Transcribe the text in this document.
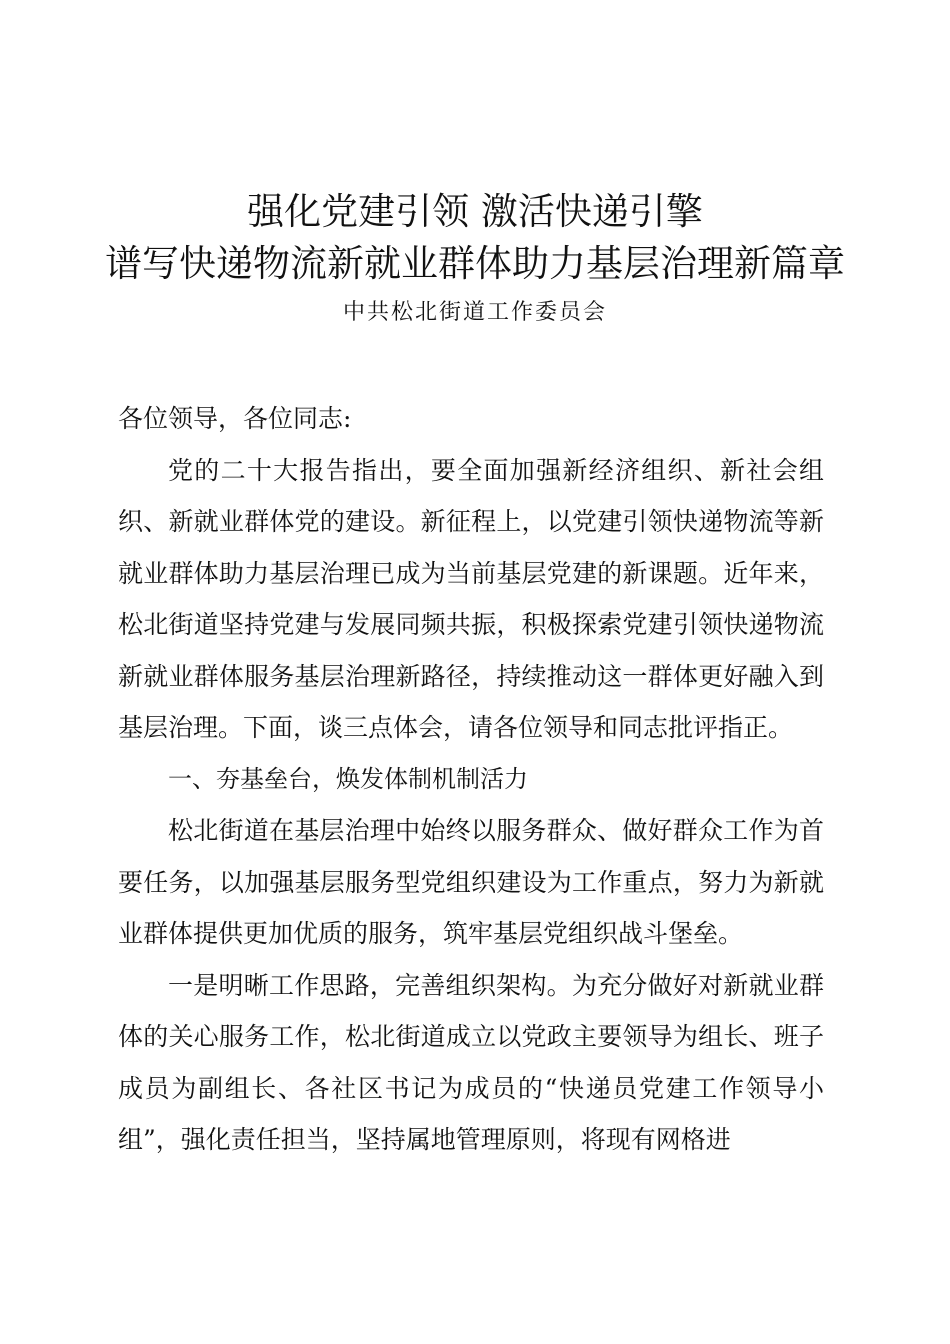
强化党建引领 激活快递引擎
谱写快递物流新就业群体助力基层治理新篇章
中共松北街道工作委员会

各位领导，各位同志:

党的二十大报告指出，要全面加强新经济组织、新社会组织、新就业群体党的建设。新征程上，以党建引领快递物流等新就业群体助力基层治理已成为当前基层党建的新课题。近年来，松北街道坚持党建与发展同频共振，积极探索党建引领快递物流新就业群体服务基层治理新路径，持续推动这一群体更好融入到基层治理。下面，谈三点体会，请各位领导和同志批评指正。

一、夯基垒台，焕发体制机制活力

松北街道在基层治理中始终以服务群众、做好群众工作为首要任务，以加强基层服务型党组织建设为工作重点，努力为新就业群体提供更加优质的服务，筑牢基层党组织战斗堡垒。

一是明晰工作思路，完善组织架构。为充分做好对新就业群体的关心服务工作，松北街道成立以党政主要领导为组长、班子成员为副组长、各社区书记为成员的“快递员党建工作领导小组”，强化责任担当，坚持属地管理原则，将现有网格进
